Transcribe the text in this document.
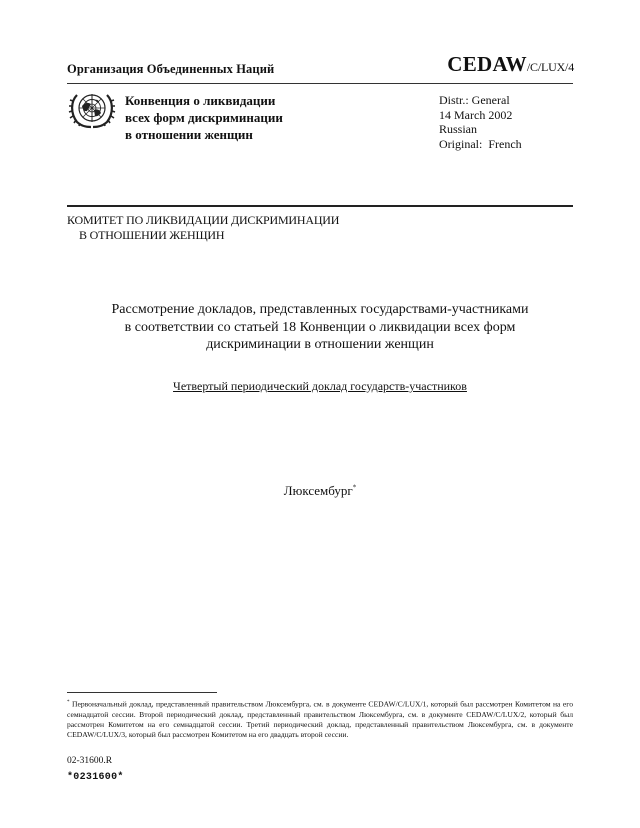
Организация Объединенных Наций	CEDAW/C/LUX/4
Конвенция о ликвидации
всех форм дискриминации
в отношении женщин
Distr.: General
14 March 2002
Russian
Original:  French
КОМИТЕТ ПО ЛИКВИДАЦИИ ДИСКРИМИНАЦИИ
В ОТНОШЕНИИ ЖЕНЩИН
Рассмотрение докладов, представленных государствами-участниками
в соответствии со статьей 18 Конвенции о ликвидации всех форм
дискриминации в отношении женщин
Четвертый периодический доклад государств-участников
Люксембург*
* Первоначальный доклад, представленный правительством Люксембурга, см. в документе CEDAW/C/LUX/1, который был рассмотрен Комитетом на его семнадцатой сессии. Второй периодический доклад, представленный правительством Люксембурга, см. в документе CEDAW/C/LUX/2, который был рассмотрен Комитетом на его семнадцатой сессии. Третий периодический доклад, представленный правительством Люксембурга, см. в документе CEDAW/C/LUX/3, который был рассмотрен Комитетом на его двадцать второй сессии.
02-31600.R
*0231600*
